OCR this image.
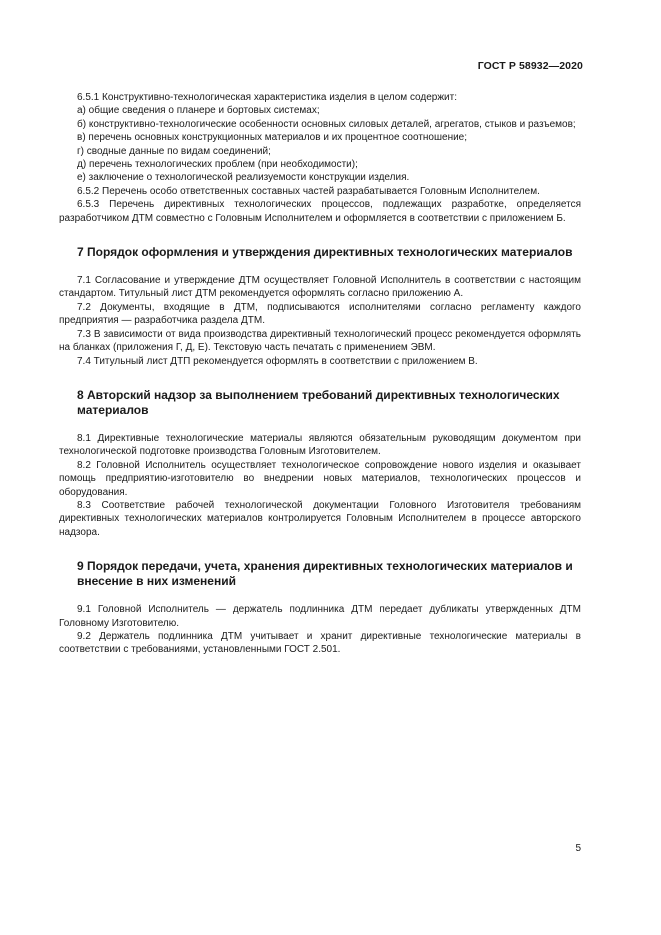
ГОСТ Р 58932—2020

6.5.1 Конструктивно-технологическая характеристика изделия в целом содержит:

а) общие сведения о планере и бортовых системах;

б) конструктивно-технологические особенности основных силовых деталей, агрегатов, стыков и разъемов;

в) перечень основных конструкционных материалов и их процентное соотношение;

г) сводные данные по видам соединений;

д) перечень технологических проблем (при необходимости);

е) заключение о технологической реализуемости конструкции изделия.

6.5.2 Перечень особо ответственных составных частей разрабатывается Головным Исполнителем.

6.5.3 Перечень директивных технологических процессов, подлежащих разработке, определяется разработчиком ДТМ совместно с Головным Исполнителем и оформляется в соответствии с приложением Б.

7 Порядок оформления и утверждения директивных технологических материалов

7.1 Согласование и утверждение ДТМ осуществляет Головной Исполнитель в соответствии с настоящим стандартом. Титульный лист ДТМ рекомендуется оформлять согласно приложению А.

7.2 Документы, входящие в ДТМ, подписываются исполнителями согласно регламенту каждого предприятия — разработчика раздела ДТМ.

7.3 В зависимости от вида производства директивный технологический процесс рекомендуется оформлять на бланках (приложения Г, Д, Е). Текстовую часть печатать с применением ЭВМ.

7.4 Титульный лист ДТП рекомендуется оформлять в соответствии с приложением В.

8 Авторский надзор за выполнением требований директивных технологических материалов

8.1 Директивные технологические материалы являются обязательным руководящим документом при технологической подготовке производства Головным Изготовителем.

8.2 Головной Исполнитель осуществляет технологическое сопровождение нового изделия и оказывает помощь предприятию-изготовителю во внедрении новых материалов, технологических процессов и оборудования.

8.3 Соответствие рабочей технологической документации Головного Изготовителя требованиям директивных технологических материалов контролируется Головным Исполнителем в процессе авторского надзора.

9 Порядок передачи, учета, хранения директивных технологических материалов и внесение в них изменений

9.1 Головной Исполнитель — держатель подлинника ДТМ передает дубликаты утвержденных ДТМ Головному Изготовителю.

9.2 Держатель подлинника ДТМ учитывает и хранит директивные технологические материалы в соответствии с требованиями, установленными ГОСТ 2.501.

5
